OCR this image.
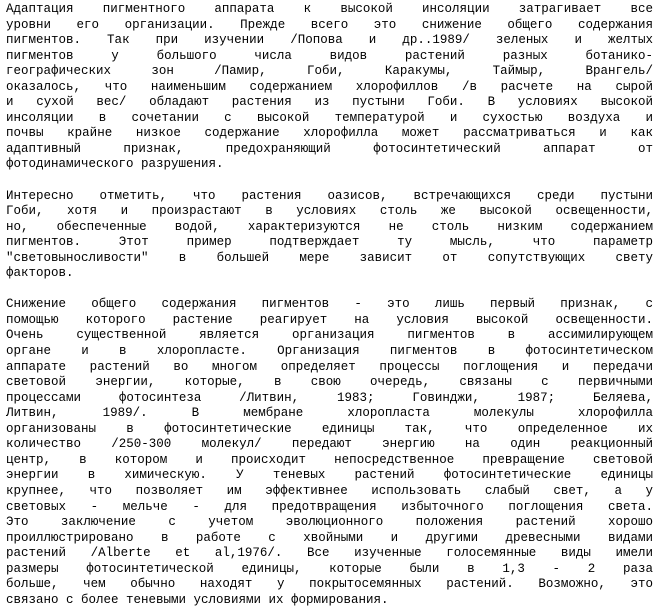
Адаптация пигментного аппарата к высокой инсоляции затрагивает все
уровни его организации. Прежде всего это снижение общего содержания
пигментов. Так при изучении /Попова и др..1989/ зеленых и желтых
пигментов у большого числа видов растений разных ботанико-
географических зон /Памир, Гоби, Каракумы, Таймыр, Врангель/
оказалось, что наименьшим содержанием хлорофиллов /в расчете на сырой
и сухой вес/ обладают растения из пустыни Гоби. В условиях высокой
инсоляции в сочетании с высокой температурой и сухостью воздуха и
почвы крайне низкое содержание хлорофилла может рассматриваться и как
адаптивный признак, предохраняющий фотосинтетический аппарат от
фотодинамического разрушения.
Интересно отметить, что растения оазисов, встречающихся среди пустыни
Гоби, хотя и произрастают в условиях столь же высокой освещенности,
но, обеспеченные водой, характеризуются не столь низким содержанием
пигментов. Этот пример подтверждает ту мысль, что параметр
"световыносливости" в большей мере зависит от сопутствующих свету
факторов.
Снижение общего содержания пигментов - это лишь первый признак, с
помощью которого растение реагирует на условия высокой освещенности.
Очень существенной является организация пигментов в ассимилирующем
органе и в хлоропласте. Организация пигментов в фотосинтетическом
аппарате растений во многом определяет процессы поглощения и передачи
световой энергии, которые, в свою очередь, связаны с первичными
процессами фотосинтеза /Литвин, 1983; Говинджи, 1987; Беляева,
Литвин, 1989/. В мембране хлоропласта молекулы хлорофилла
организованы в фотосинтетические единицы так, что определенное их
количество /250-300 молекул/ передают энергию на один реакционный
центр, в котором и происходит непосредственное превращение световой
энергии в химическую. У теневых растений фотосинтетические единицы
крупнее, что позволяет им эффективнее использовать слабый свет, а у
световых - мельче - для предотвращения избыточного поглощения света.
Это заключение с учетом эволюционного положения растений хорошо
проиллюстрировано в работе с хвойными и другими древесными видами
растений /Alberte et al,1976/. Все изученные голосемянные виды имели
размеры фотосинтетической единицы, которые были в 1,3 - 2 раза
больше, чем обычно находят у покрытосемянных растений. Возможно, это
связано с более теневыми условиями их формирования.
